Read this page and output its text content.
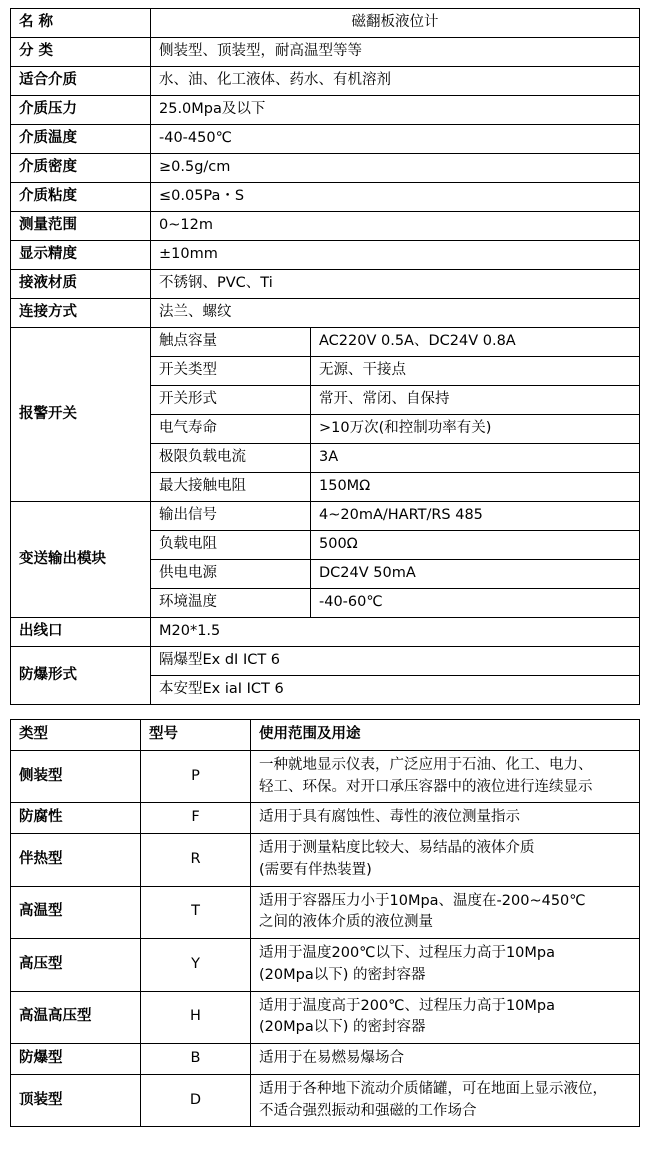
名 称	磁翻板液位计	
分 类	侧装型、顶装型，耐高温型等等	
适合介质	水、油、化工液体、药水、有机溶剂	
介质压力	25.0Mpa及以下	
介质温度	-40-450℃	
介质密度	≥0.5g/cm	
介质粘度	≤0.05Pa・S	
测量范围	0~12m	
显示精度	±10mm	
接液材质	不锈钢、PVC、Ti	
连接方式	法兰、螺纹	
报警开关	触点容量	AC220V 0.5A、DC24V 0.8A
	开关类型	无源、干接点
	开关形式	常开、常闭、自保持
	电气寿命	>10万次(和控制功率有关)
	极限负载电流	3A
	最大接触电阻	150MΩ
变送输出模块	输出信号	4~20mA/HART/RS 485
	负载电阻	500Ω
	供电电源	DC24V 50mA
	环境温度	-40-60℃
出线口	M20*1.5	
防爆形式	隔爆型Ex dI ICT 6	
	本安型Ex iaI ICT 6	
类型	型号	使用范围及用途
侧装型	P	一种就地显示仪表，广泛应用于石油、化工、电力、
轻工、环保。对开口承压容器中的液位进行连续显示

防腐性	F	适用于具有腐蚀性、毒性的液位测量指示

伴热型	R	适用于测量粘度比较大、易结晶的液体介质
(需要有伴热装置)

高温型	T	适用于容器压力小于10Mpa、温度在-200~450℃
之间的液体介质的液位测量

高压型	Y	适用于温度200℃以下、过程压力高于10Mpa
(20Mpa以下) 的密封容器

高温高压型	H	适用于温度高于200℃、过程压力高于10Mpa
(20Mpa以下) 的密封容器

防爆型	B	适用于在易燃易爆场合

顶装型	D	适用于各种地下流动介质储罐，可在地面上显示液位，
不适合强烈振动和强磁的工作场合
